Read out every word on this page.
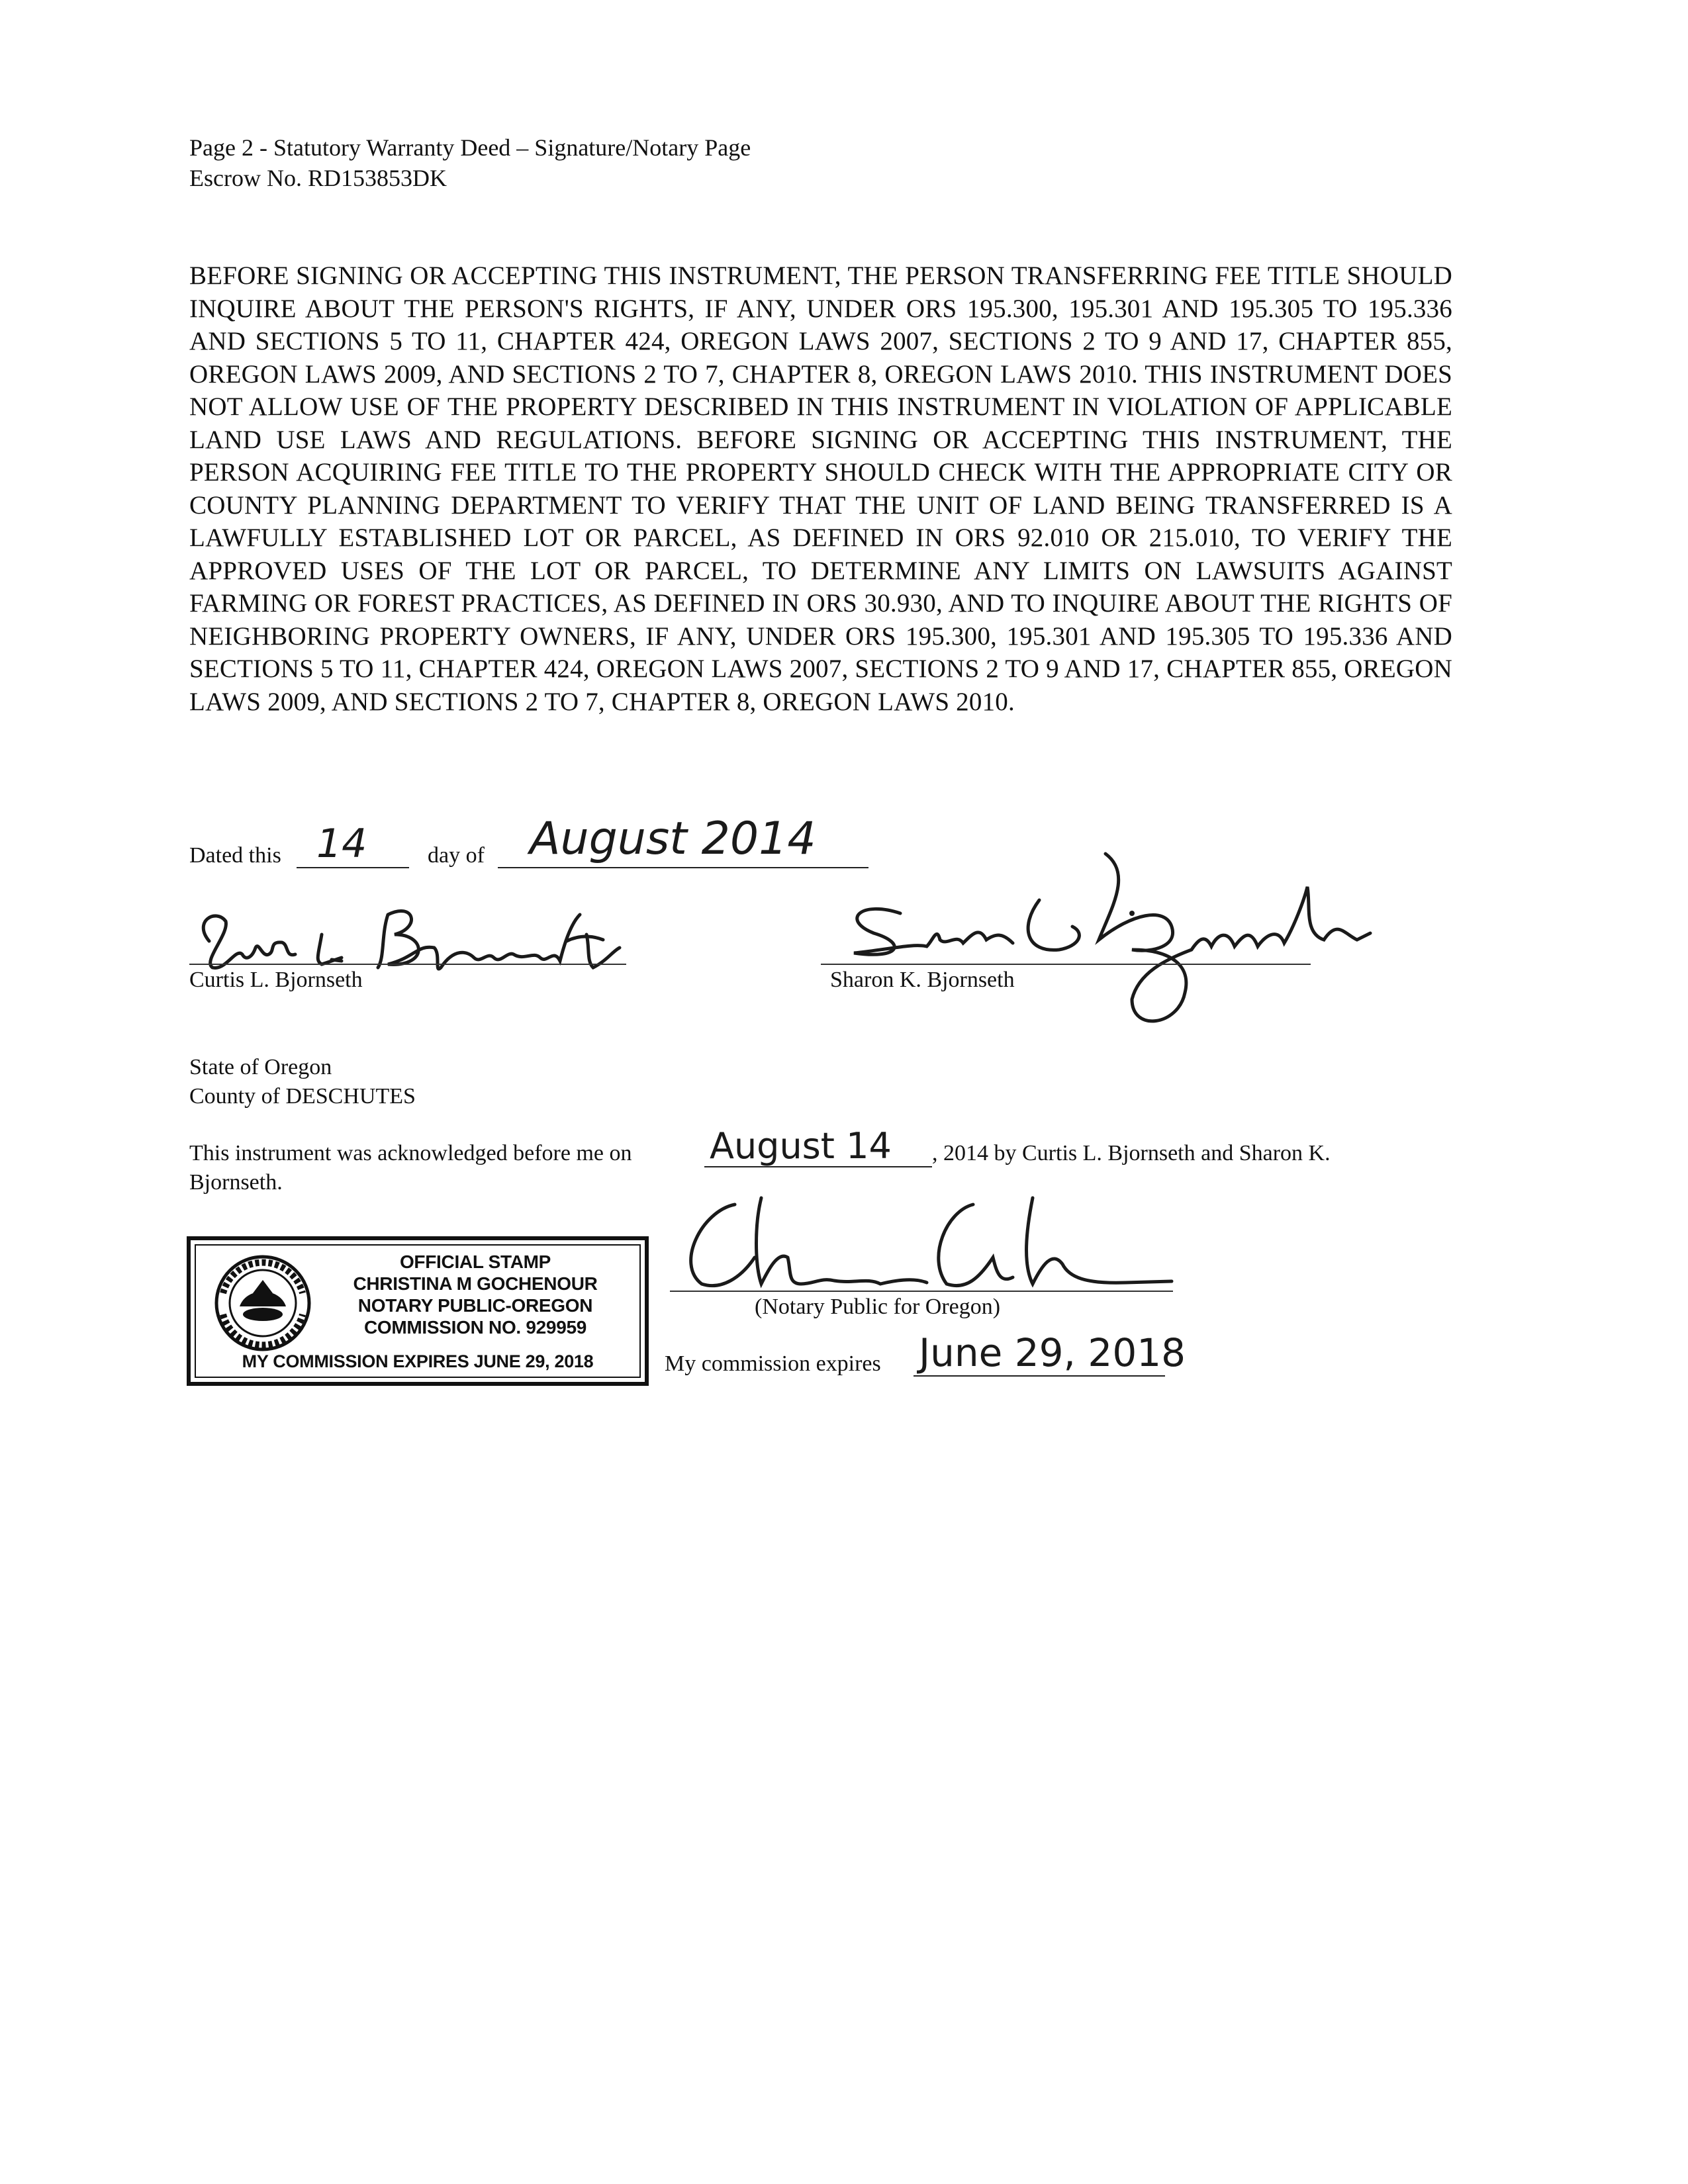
Page 2 - Statutory Warranty Deed – Signature/Notary Page
Escrow No. RD153853DK
BEFORE SIGNING OR ACCEPTING THIS INSTRUMENT, THE PERSON TRANSFERRING FEE TITLE SHOULD INQUIRE ABOUT THE PERSON'S RIGHTS, IF ANY, UNDER ORS 195.300, 195.301 AND 195.305 TO 195.336 AND SECTIONS 5 TO 11, CHAPTER 424, OREGON LAWS 2007, SECTIONS 2 TO 9 AND 17, CHAPTER 855, OREGON LAWS 2009, AND SECTIONS 2 TO 7, CHAPTER 8, OREGON LAWS 2010. THIS INSTRUMENT DOES NOT ALLOW USE OF THE PROPERTY DESCRIBED IN THIS INSTRUMENT IN VIOLATION OF APPLICABLE LAND USE LAWS AND REGULATIONS. BEFORE SIGNING OR ACCEPTING THIS INSTRUMENT, THE PERSON ACQUIRING FEE TITLE TO THE PROPERTY SHOULD CHECK WITH THE APPROPRIATE CITY OR COUNTY PLANNING DEPARTMENT TO VERIFY THAT THE UNIT OF LAND BEING TRANSFERRED IS A LAWFULLY ESTABLISHED LOT OR PARCEL, AS DEFINED IN ORS 92.010 OR 215.010, TO VERIFY THE APPROVED USES OF THE LOT OR PARCEL, TO DETERMINE ANY LIMITS ON LAWSUITS AGAINST FARMING OR FOREST PRACTICES, AS DEFINED IN ORS 30.930, AND TO INQUIRE ABOUT THE RIGHTS OF NEIGHBORING PROPERTY OWNERS, IF ANY, UNDER ORS 195.300, 195.301 AND 195.305 TO 195.336 AND SECTIONS 5 TO 11, CHAPTER 424, OREGON LAWS 2007, SECTIONS 2 TO 9 AND 17, CHAPTER 855, OREGON LAWS 2009, AND SECTIONS 2 TO 7, CHAPTER 8, OREGON LAWS 2010.
Dated this 14	day of August 2014
Curtis L. Bjornseth	Sharon K. Bjornseth
State of Oregon
County of DESCHUTES
This instrument was acknowledged before me on August 14 , 2014 by Curtis L. Bjornseth and Sharon K.
Bjornseth.
OFFICIAL STAMP
CHRISTINA M GOCHENOUR
NOTARY PUBLIC-OREGON
COMMISSION NO. 929959
MY COMMISSION EXPIRES JUNE 29, 2018
(Notary Public for Oregon)
My commission expires June 29, 2018
